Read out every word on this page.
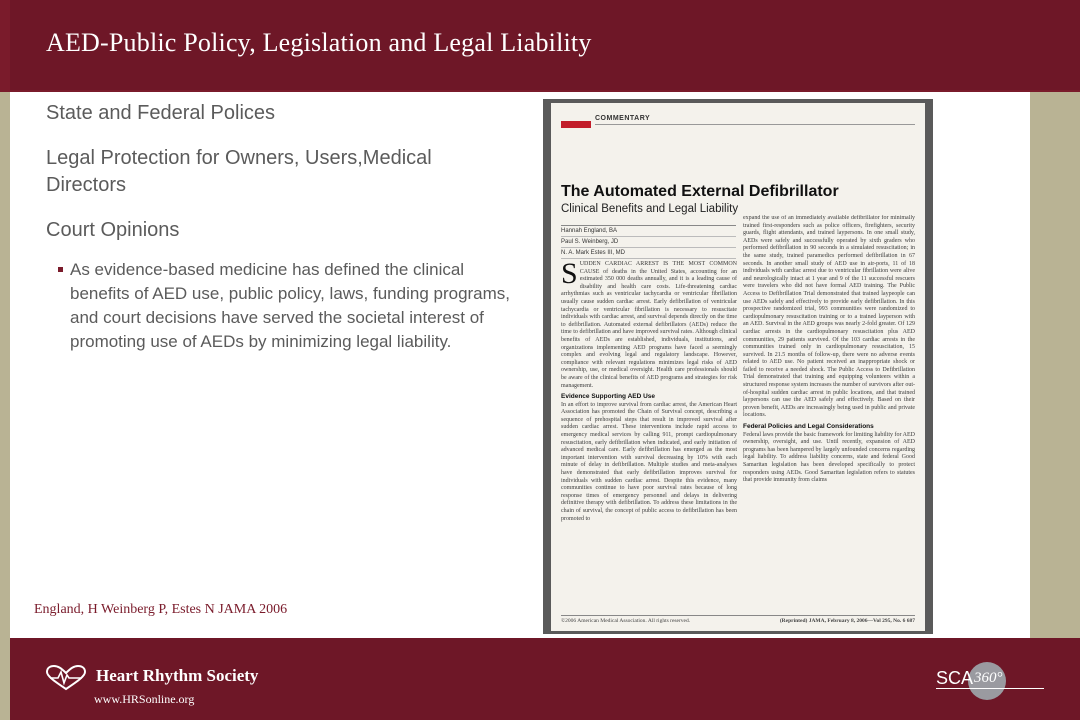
AED-Public Policy, Legislation and Legal Liability
State and Federal Polices
Legal Protection for Owners, Users,Medical Directors
Court Opinions
As evidence-based medicine has defined the clinical benefits of AED use, public policy, laws, funding programs, and court decisions have served the societal interest of promoting use of AEDs by minimizing legal liability.
England, H Weinberg P, Estes N JAMA 2006
COMMENTARY
The Automated External Defibrillator
Clinical Benefits and Legal Liability
Hannah England, BA
Paul S. Weinberg, JD
N. A. Mark Estes III, MD
S UDDEN CARDIAC ARREST IS THE MOST COMMON CAUSE of deaths in the United States, accounting for an estimated 350 000 deaths annually, and it is a leading cause of disability and health care costs. Life-threatening cardiac arrhythmias such as ventricular tachycardia or ventricular fibrillation usually cause sudden cardiac arrest. Early defibrillation of ventricular tachycardia or ventricular fibrillation is necessary to resuscitate individuals with cardiac arrest, and survival depends directly on the time to defibrillation. Automated external defibrillators (AEDs) reduce the time to defibrillation and have improved survival rates. Although clinical benefits of AEDs are established, individuals, institutions, and organizations implementing AED programs have faced a seemingly complex and evolving legal and regulatory landscape. However, compliance with relevant regulations minimizes legal risks of AED ownership, use, or medical oversight. Health care professionals should be aware of the clinical benefits of AED programs and strategies for risk management.

Evidence Supporting AED Use

In an effort to improve survival from cardiac arrest, the American Heart Association has promoted the Chain of Survival concept, describing a sequence of prehospital steps that result in improved survival after sudden cardiac arrest. These interventions include rapid access to emergency medical services by calling 911, prompt cardiopulmonary resuscitation, early defibrillation when indicated, and early initiation of advanced medical care. Early defibrillation has emerged as the most important intervention with survival decreasing by 10% with each minute of delay in defibrillation. Multiple studies and meta-analyses have demonstrated that early defibrillation improves survival for individuals with sudden cardiac arrest. Despite this evidence, many communities continue to have poor survival rates because of long response times of emergency personnel and delays in delivering definitive therapy with defibrillation. To address these limitations in the chain of survival, the concept of public access to defibrillation has been promoted to

expand the use of an immediately available defibrillator for minimally trained first-responders such as police officers, firefighters, security guards, flight attendants, and trained laypersons. In one small study, AEDs were safely and successfully operated by sixth graders who performed defibrillation in 90 seconds in a simulated resuscitation; in the same study, trained paramedics performed defibrillation in 67 seconds. In another small study of AED use in air-ports, 11 of 18 individuals with cardiac arrest due to ventricular fibrillation were alive and neurologically intact at 1 year and 9 of the 11 successful rescuers were travelers who did not have formal AED training. The Public Access to Defibrillation Trial demonstrated that trained laypeople can use AEDs safely and effectively to provide early defibrillation. In this prospective randomized trial, 993 communities were randomized to cardiopulmonary resuscitation training or to a trained layperson with an AED. Survival in the AED groups was nearly 2-fold greater. Of 129 cardiac arrests in the cardiopulmonary resuscitation plus AED communities, 29 patients survived. Of the 103 cardiac arrests in the communities trained only in cardiopulmonary resuscitation, 15 survived. In 21.5 months of follow-up, there were no adverse events related to AED use. No patient received an inappropriate shock or failed to receive a needed shock. The Public Access to Defibrillation Trial demonstrated that training and equipping volunteers within a structured response system increases the number of survivors after out-of-hospital sudden cardiac arrest in public locations, and that trained laypersons can use the AED safely and effectively. Based on their proven benefit, AEDs are increasingly being used in public and private locations.

Federal Policies and Legal Considerations

Federal laws provide the basic framework for limiting liability for AED ownership, oversight, and use. Until recently, expansion of AED programs has been hampered by largely unfounded concerns regarding legal liability. To address liability concerns, state and federal Good Samaritan legislation has been developed specifically to protect responders using AEDs. Good Samaritan legislation refers to statutes that provide immunity from claims

©2006 American Medical Association. All rights reserved.	(Reprinted) JAMA, February 8, 2006—Vol 295, No. 6 687
Heart Rhythm Society
www.HRSonline.org
SCA 360°
